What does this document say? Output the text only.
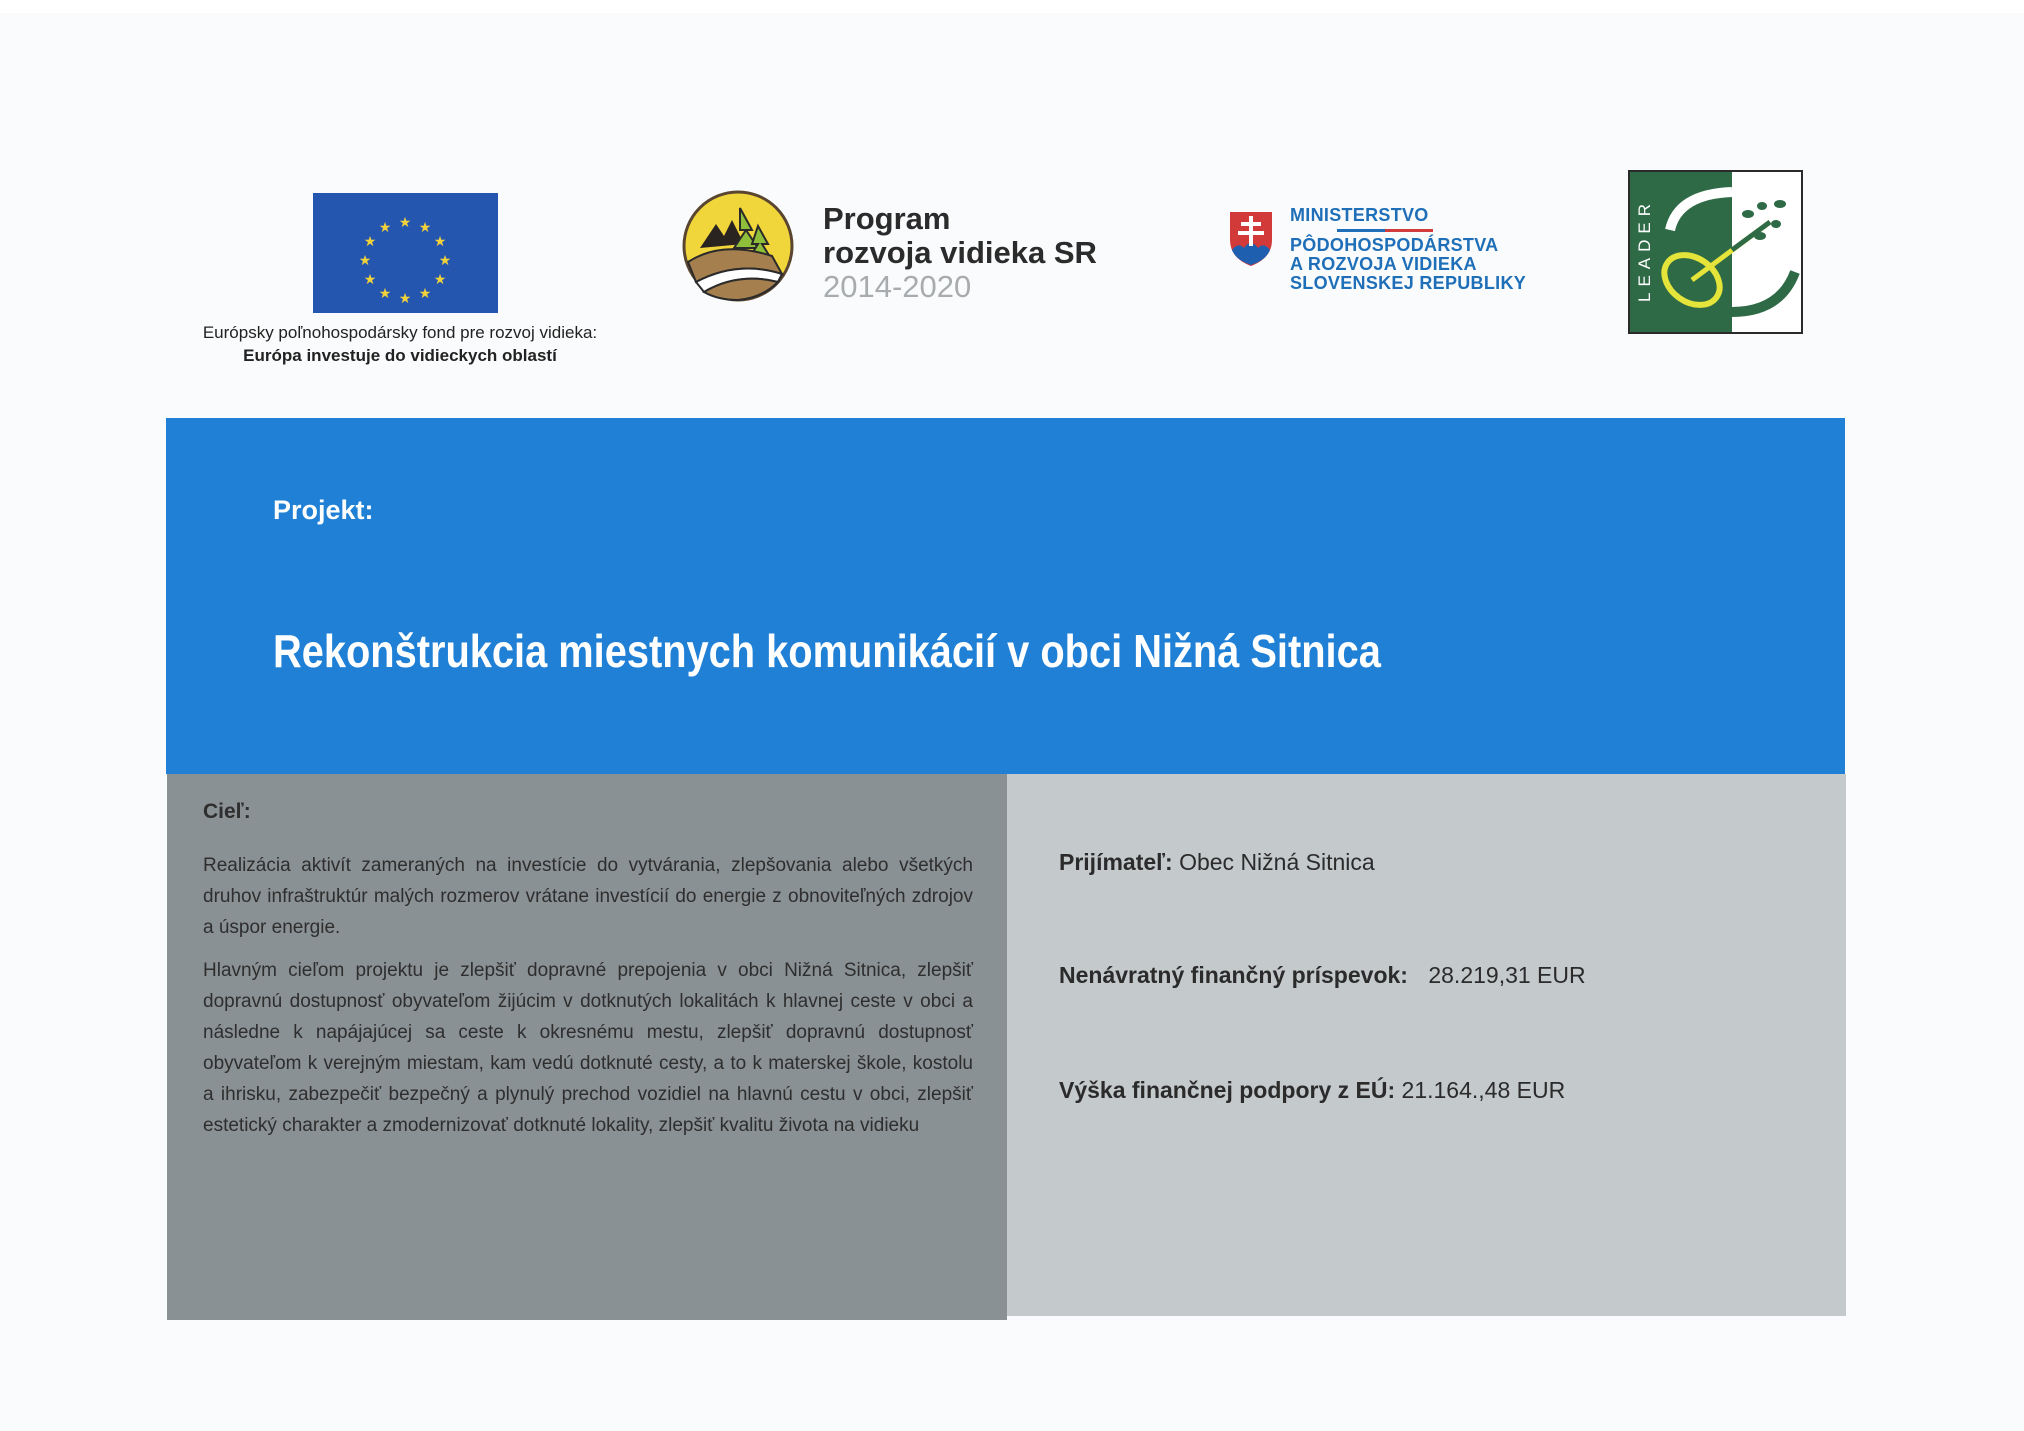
★ ★
★
★
★
★
★
★
★
★
★
★
Európsky poľnohospodársky fond pre rozvoj vidieka:
Európa investuje do vidieckych oblastí
Program
rozvoja vidieka SR
2014-2020
MINISTERSTVO
PÔDOHOSPODÁRSTVA
A ROZVOJA VIDIEKA
SLOVENSKEJ REPUBLIKY	LEADER
Projekt:
Rekonštrukcia miestnych komunikácií v obci Nižná Sitnica
Cieľ:

Realizácia aktivít zameraných na investície do vytvárania, zlepšovania alebo všetkých druhov infraštruktúr malých rozmerov vrátane investícií do energie z obnoviteľných zdrojov a úspor energie.

Hlavným cieľom projektu je zlepšiť dopravné prepojenia v obci Nižná Sitnica, zlepšiť dopravnú dostupnosť obyvateľom žijúcim v dotknutých lokalitách k hlavnej ceste v obci a následne k napájajúcej sa ceste k okresnému mestu, zlepšiť dopravnú dostupnosť obyvateľom k verejným miestam, kam vedú dotknuté cesty, a to k materskej škole, kostolu a ihrisku, zabezpečiť bezpečný a plynulý prechod vozidiel na hlavnú cestu v obci, zlepšiť estetický charakter a zmodernizovať dotknuté lokality, zlepšiť kvalitu života na vidieku

Prijímateľ: Obec Nižná Sitnica
Nenávratný finančný príspevok: 28.219,31 EUR
Výška finančnej podpory z EÚ: 21.164.,48 EUR
